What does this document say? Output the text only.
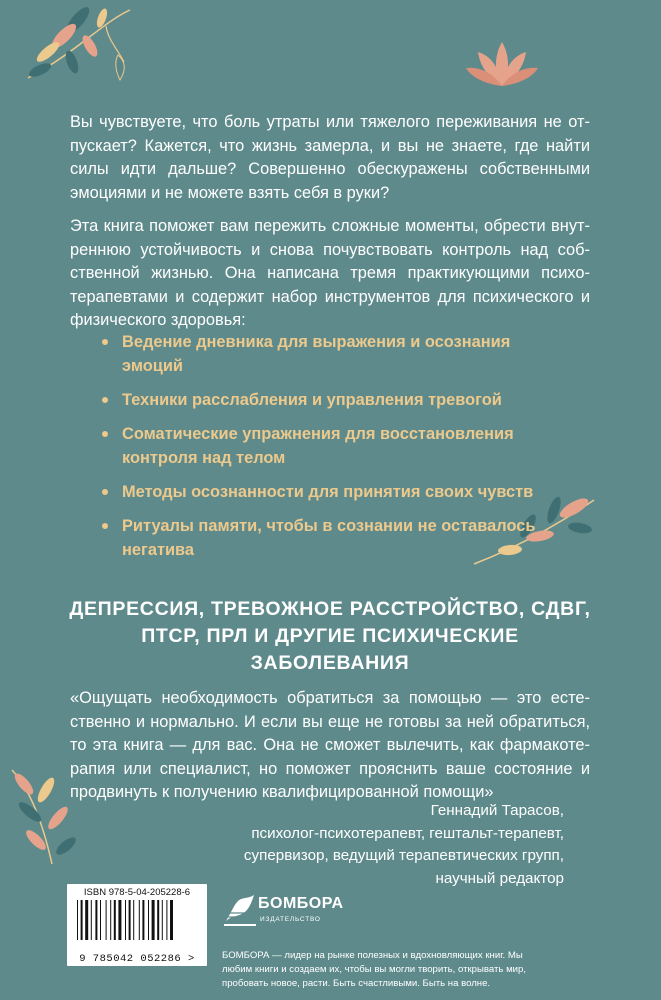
Вы чувствуете, что боль утраты или тяжелого переживания не отпускает? Кажется, что жизнь замерла, и вы не знаете, где найти силы идти дальше? Совершенно обескуражены собственными эмоциями и не можете взять себя в руки?

Эта книга поможет вам пережить сложные моменты, обрести внутреннюю устойчивость и снова почувствовать контроль над собственной жизнью. Она написана тремя практикующими психотерапевтами и содержит набор инструментов для психического и физического здоровья:

Ведение дневника для выражения и осознания эмоций
Техники расслабления и управления тревогой
Соматические упражнения для восстановления контроля над телом
Методы осознанности для принятия своих чувств
Ритуалы памяти, чтобы в сознании не оставалось негатива

ДЕПРЕССИЯ, ТРЕВОЖНОЕ РАССТРОЙСТВО, СДВГ, ПТСР, ПРЛ И ДРУГИЕ ПСИХИЧЕСКИЕ ЗАБОЛЕВАНИЯ

«Ощущать необходимость обратиться за помощью — это естественно и нормально. И если вы еще не готовы за ней обратиться, то эта книга — для вас. Она не сможет вылечить, как фармакотерапия или специалист, но поможет прояснить ваше состояние и продвинуть к получению квалифицированной помощи»

Геннадий Тарасов,
психолог-психотерапевт, гештальт-терапевт,
супервизор, ведущий терапевтических групп,
научный редактор
ISBN 978-5-04-205228-6
9 785042 052286 >
БОМБОРА
ИЗДАТЕЛЬСТВО

БОМБОРА — лидер на рынке полезных и вдохновляющих книг. Мы любим книги и создаем их, чтобы вы могли творить, открывать мир, пробовать новое, расти. Быть счастливыми. Быть на волне.
